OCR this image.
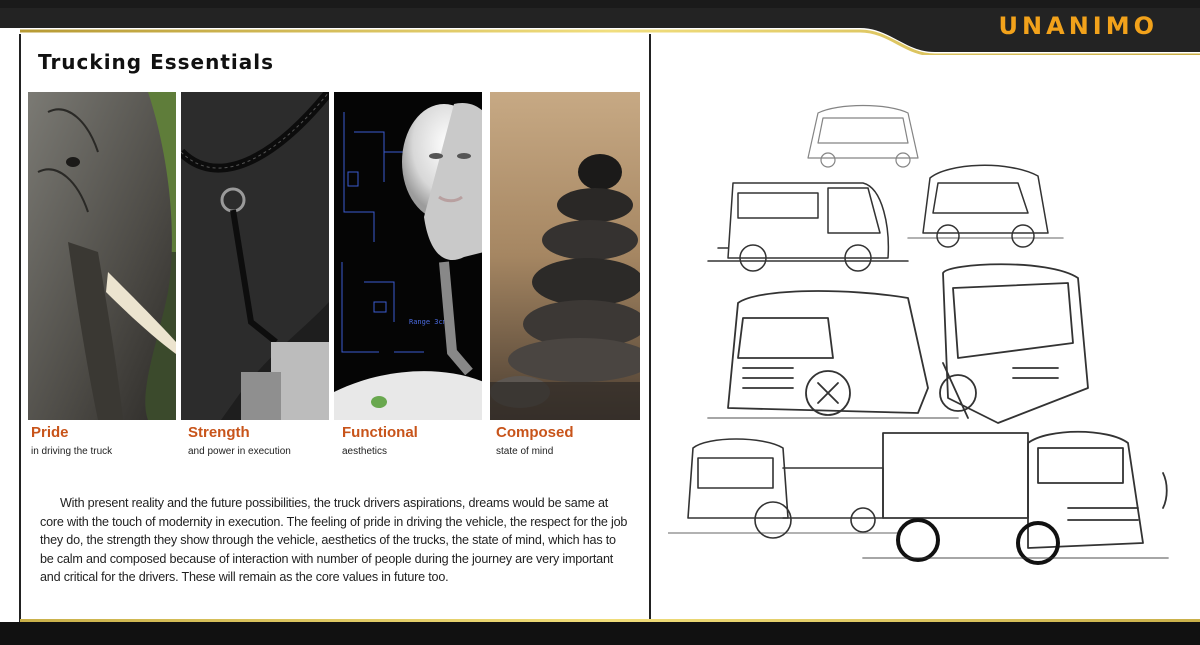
UNANIMO
Trucking Essentials
Range 3cm
Pride
in driving the truck
Strength
and power in execution
Functional
aesthetics
Composed
state of mind
With present reality and the future possibilities, the truck drivers aspirations, dreams would be same at core with the touch of modernity in execution. The feeling of pride in driving the vehicle, the respect for the job they do, the strength they show through the vehicle, aesthetics of the trucks, the state of mind, which has to be calm and composed because of interaction with number of people during the journey are very important and critical for the drivers. These will remain as the core values in future too.
